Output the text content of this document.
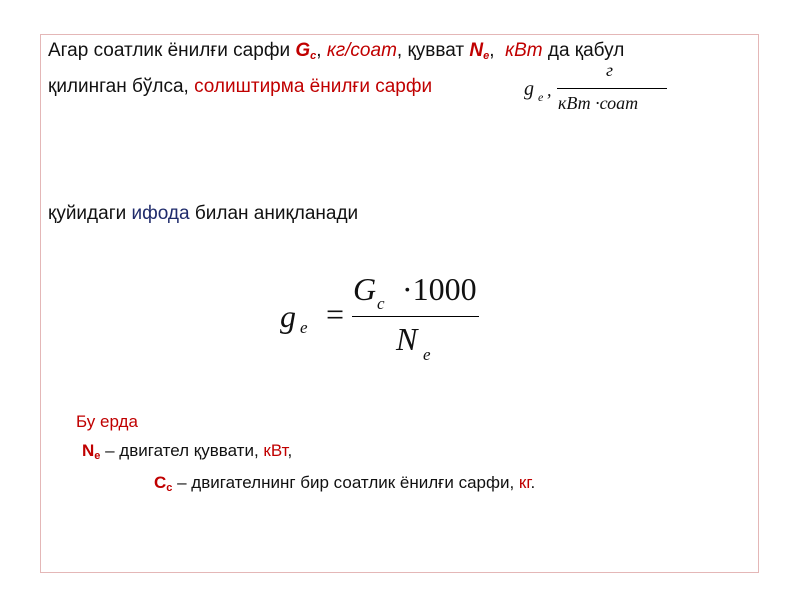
Агар соатлик ёнилғи сарфи $G_c$, кг/соат, қувват $N_e$,  кВт да қабул
қилинган бўлса, солиштирма ёнилғи сарфи	g e ,
г
кВт ·соат
қуйидаги ифода билан аниқланади
g e =
G c ·1000
N e
Бу ерда
$N_e$ – двигател қуввати, кВт,
$C_c$ – двигателнинг бир соатлик ёнилғи сарфи, кг.
